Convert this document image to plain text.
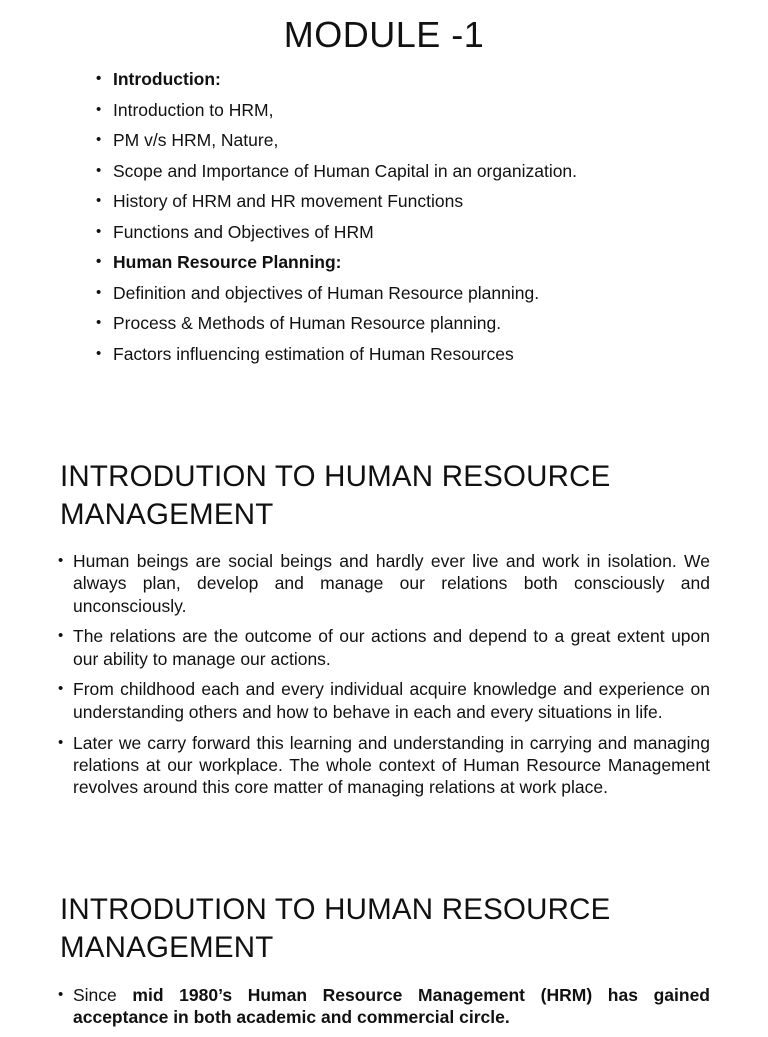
MODULE -1
• Introduction:
• Introduction to HRM,
• PM v/s HRM, Nature,
• Scope and Importance of Human Capital in an organization.
• History of HRM and HR movement Functions
• Functions and Objectives of HRM
• Human Resource Planning:
• Definition and objectives of Human Resource planning.
• Process & Methods of Human Resource planning.
• Factors influencing estimation of Human Resources
INTRODUTION TO HUMAN RESOURCE
MANAGEMENT
• Human beings are social beings and hardly ever live and work in isolation. We always plan, develop and manage our relations both consciously and unconsciously.
• The relations are the outcome of our actions and depend to a great extent upon our ability to manage our actions.
• From childhood each and every individual acquire knowledge and experience on understanding others and how to behave in each and every situations in life.
• Later we carry forward this learning and understanding in carrying and managing relations at our workplace. The whole context of Human Resource Management revolves around this core matter of managing relations at work place.
INTRODUTION TO HUMAN RESOURCE
MANAGEMENT
• Since mid 1980’s Human Resource Management (HRM) has gained acceptance in both academic and commercial circle.
